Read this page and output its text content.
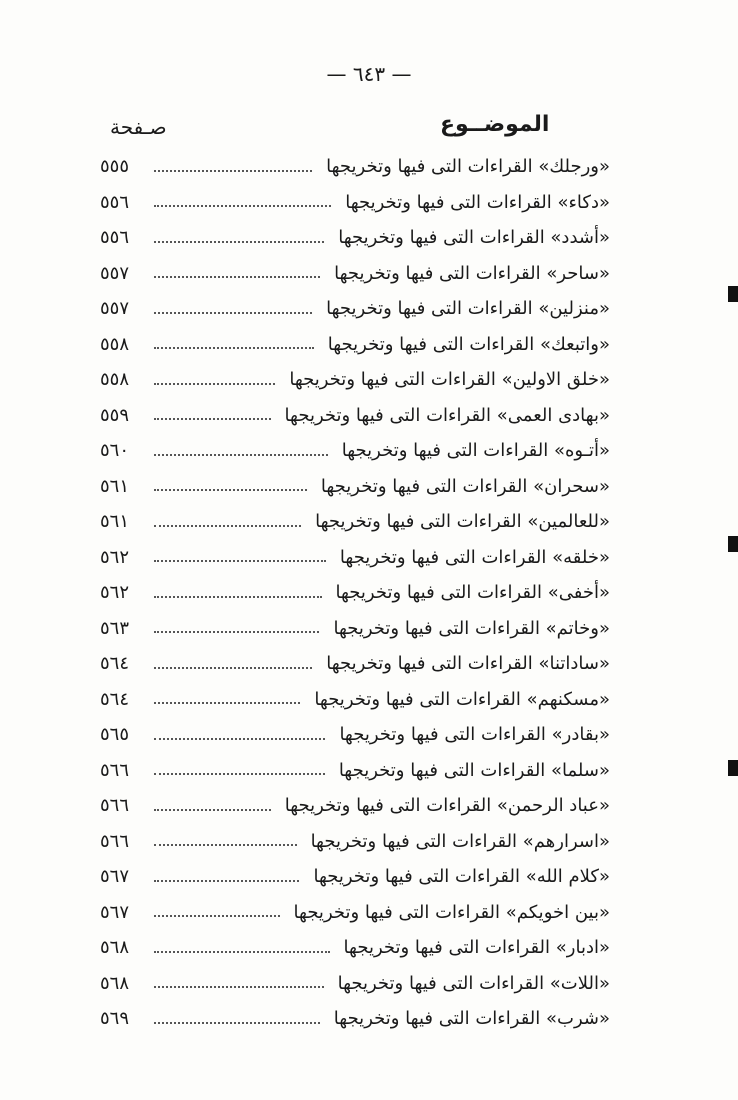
— ٦٤٣ —
الموضــوع
صـفحة
«ورجلك» القراءات التى فيها وتخريجها
٥٥٥
«دكاء» القراءات التى فيها وتخريجها
٥٥٦
«أشدد» القراءات التى فيها وتخريجها
٥٥٦
«ساحر» القراءات التى فيها وتخريجها
٥٥٧
«منزلين» القراءات التى فيها وتخريجها
٥٥٧
«واتبعك» القراءات التى فيها وتخريجها
٥٥٨
«خلق الاولين» القراءات التى فيها وتخريجها
٥٥٨
«بهادى العمى» القراءات التى فيها وتخريجها
٥٥٩
«أتـوه» القراءات التى فيها وتخريجها
٥٦٠
«سحران» القراءات التى فيها وتخريجها
٥٦١
«للعالمين» القراءات التى فيها وتخريجها
٥٦١
«خلقه» القراءات التى فيها وتخريجها
٥٦٢
«أخفى» القراءات التى فيها وتخريجها
٥٦٢
«وخاتم» القراءات التى فيها وتخريجها
٥٦٣
«ساداتنا» القراءات التى فيها وتخريجها
٥٦٤
«مسكنهم» القراءات التى فيها وتخريجها
٥٦٤
«بقادر» القراءات التى فيها وتخريجها
٥٦٥
«سلما» القراءات التى فيها وتخريجها
٥٦٦
«عباد الرحمن» القراءات التى فيها وتخريجها
٥٦٦
«اسرارهم» القراءات التى فيها وتخريجها
٥٦٦
«كلام الله» القراءات التى فيها وتخريجها
٥٦٧
«بين اخويكم» القراءات التى فيها وتخريجها
٥٦٧
«ادبار» القراءات التى فيها وتخريجها
٥٦٨
«اللات» القراءات التى فيها وتخريجها
٥٦٨
«شرب» القراءات التى فيها وتخريجها
٥٦٩
